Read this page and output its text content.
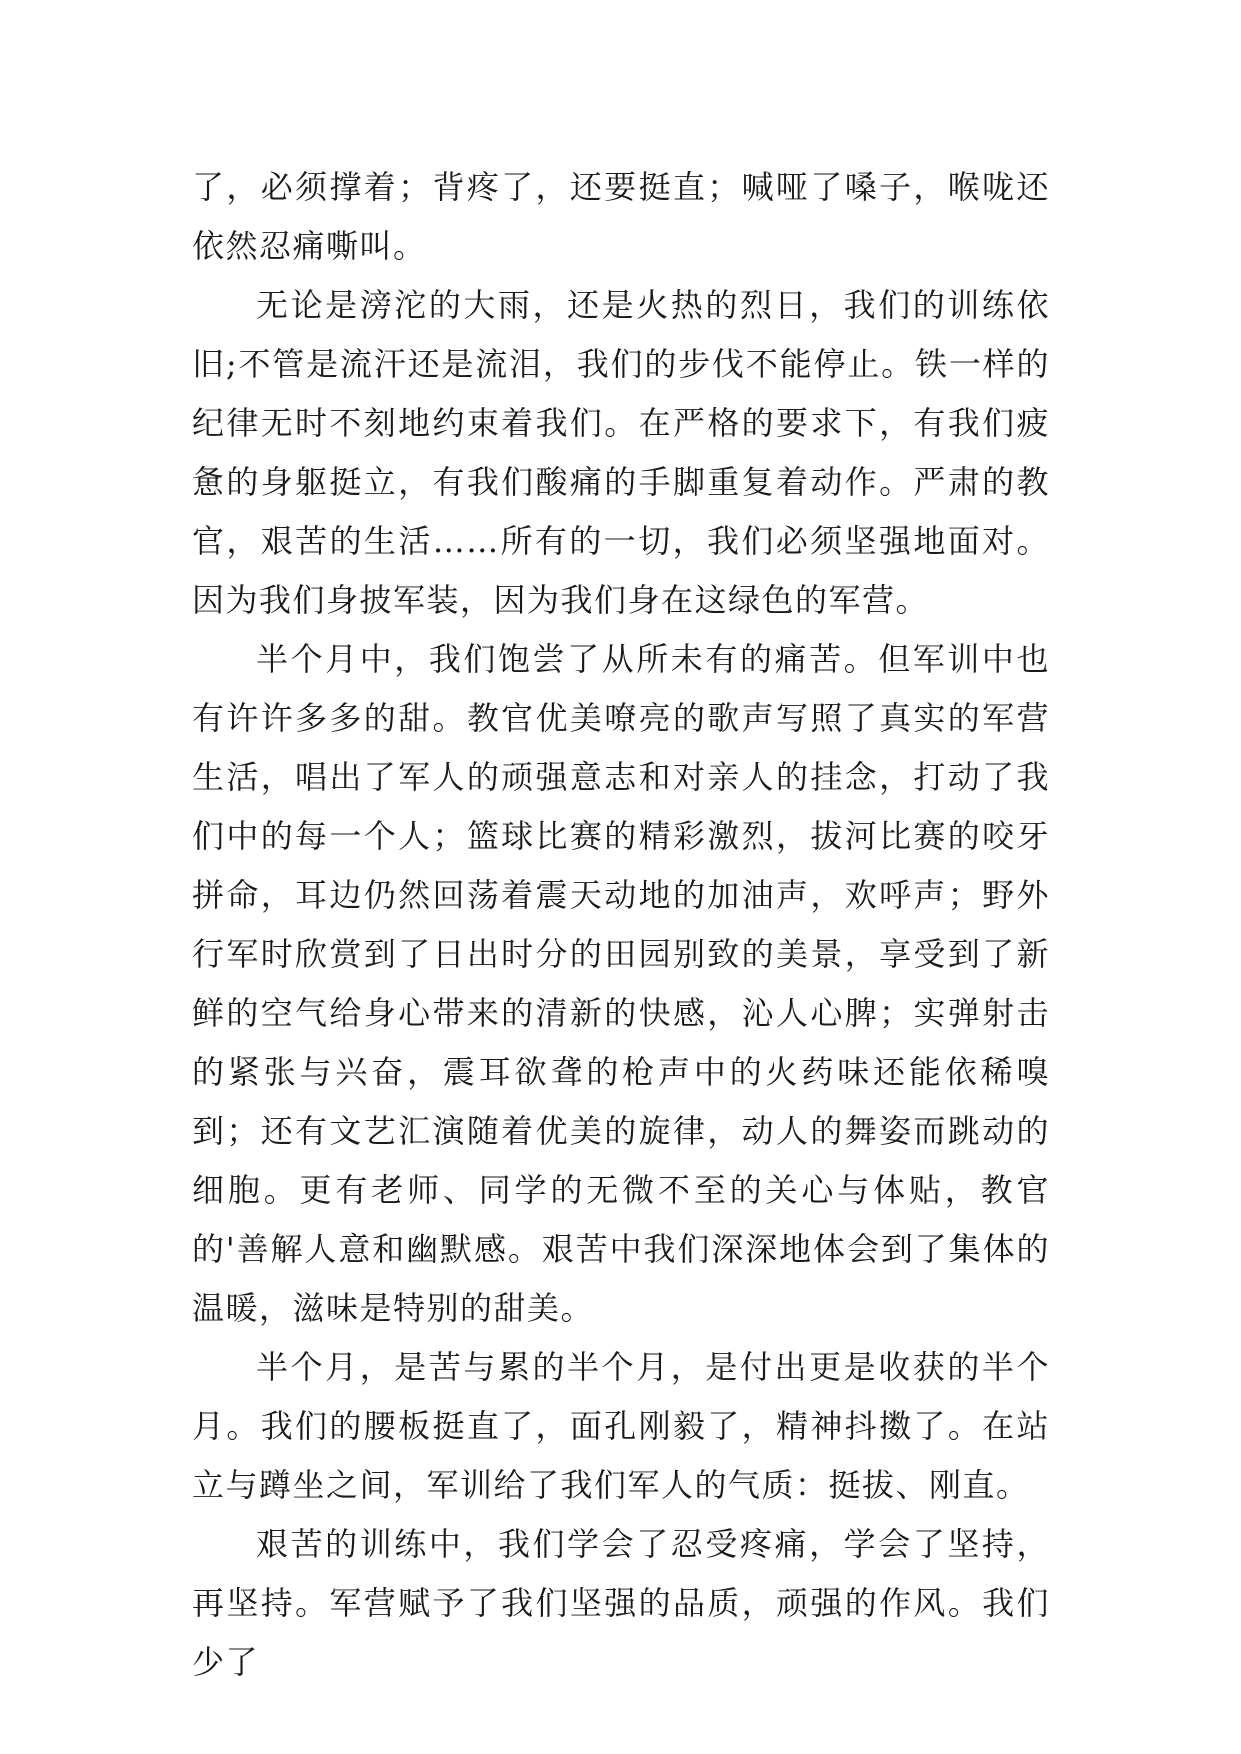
了，必须撑着；背疼了，还要挺直；喊哑了嗓子，喉咙还依然忍痛嘶叫。

无论是滂沱的大雨，还是火热的烈日，我们的训练依旧;不管是流汗还是流泪，我们的步伐不能停止。铁一样的纪律无时不刻地约束着我们。在严格的要求下，有我们疲惫的身躯挺立，有我们酸痛的手脚重复着动作。严肃的教官，艰苦的生活……所有的一切，我们必须坚强地面对。因为我们身披军装，因为我们身在这绿色的军营。

半个月中，我们饱尝了从所未有的痛苦。但军训中也有许许多多的甜。教官优美嘹亮的歌声写照了真实的军营生活，唱出了军人的顽强意志和对亲人的挂念，打动了我们中的每一个人；篮球比赛的精彩激烈，拔河比赛的咬牙拼命，耳边仍然回荡着震天动地的加油声，欢呼声；野外行军时欣赏到了日出时分的田园别致的美景，享受到了新鲜的空气给身心带来的清新的快感，沁人心脾；实弹射击的紧张与兴奋，震耳欲聋的枪声中的火药味还能依稀嗅到；还有文艺汇演随着优美的旋律，动人的舞姿而跳动的细胞。更有老师、同学的无微不至的关心与体贴，教官的'善解人意和幽默感。艰苦中我们深深地体会到了集体的温暖，滋味是特别的甜美。

半个月，是苦与累的半个月，是付出更是收获的半个月。我们的腰板挺直了，面孔刚毅了，精神抖擞了。在站立与蹲坐之间，军训给了我们军人的气质：挺拔、刚直。

艰苦的训练中，我们学会了忍受疼痛，学会了坚持，再坚持。军营赋予了我们坚强的品质，顽强的作风。我们少了
